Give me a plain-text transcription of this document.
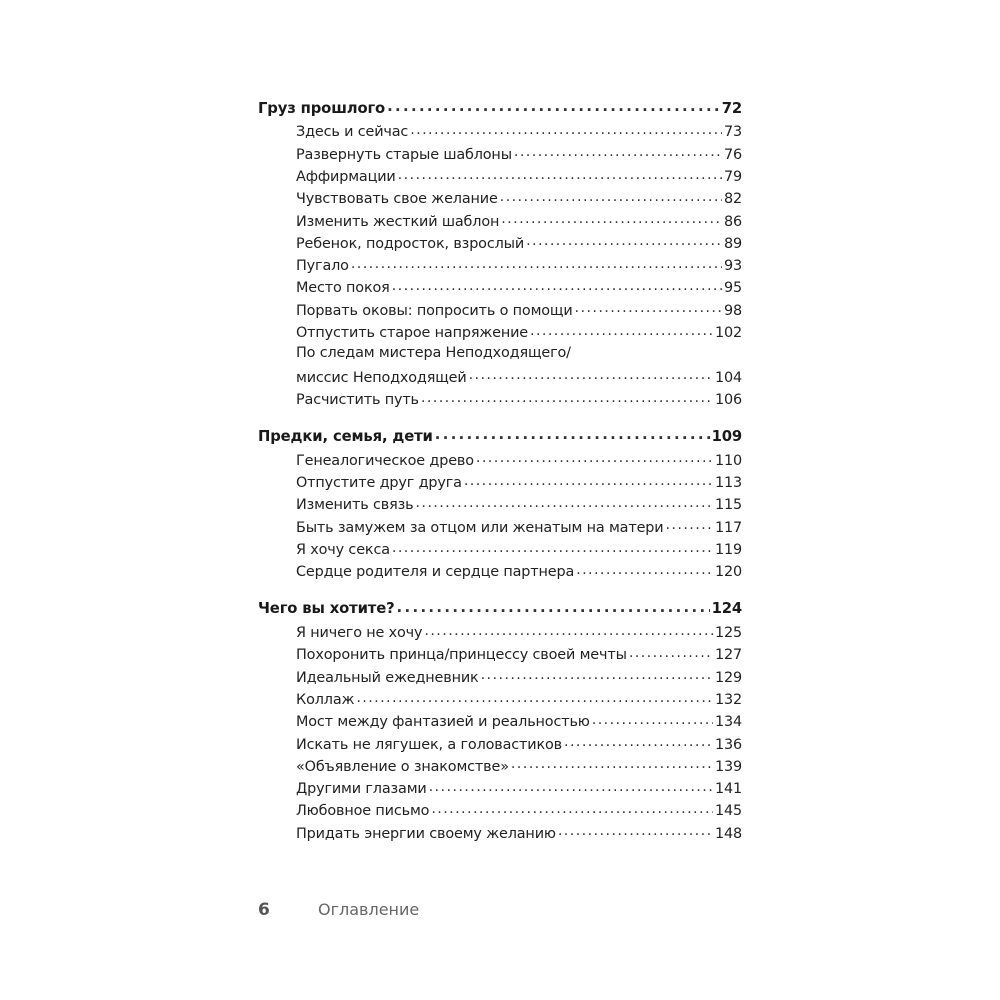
Груз прошлого . . .	72
Здесь и сейчас . . .	73
Развернуть старые шаблоны . . .	76
Аффирмации . . .	79
Чувствовать свое желание . . .	82
Изменить жесткий шаблон . . .	86
Ребенок, подросток, взрослый . . .	89
Пугало . . .	93
Место покоя . . .	95
Порвать оковы: попросить о помощи . . .	98
Отпустить старое напряжение . . .	102
По следам мистера Неподходящего/
миссис Неподходящей . . .	104
Расчистить путь . . .	106
Предки, семья, дети . . .	109
Генеалогическое древо . . .	110
Отпустите друг друга . . .	113
Изменить связь . . .	115
Быть замужем за отцом или женатым на матери . . .	117
Я хочу секса . . .	119
Сердце родителя и сердце партнера . . .	120
Чего вы хотите? . . .	124
Я ничего не хочу . . .	125
Похоронить принца/принцессу своей мечты . . .	127
Идеальный ежедневник . . .	129
Коллаж . . .	132
Мост между фантазией и реальностью . . .	134
Искать не лягушек, а головастиков . . .	136
«Объявление о знакомстве» . . .	139
Другими глазами . . .	141
Любовное письмо . . .	145
Придать энергии своему желанию . . .	148
6	Оглавление
